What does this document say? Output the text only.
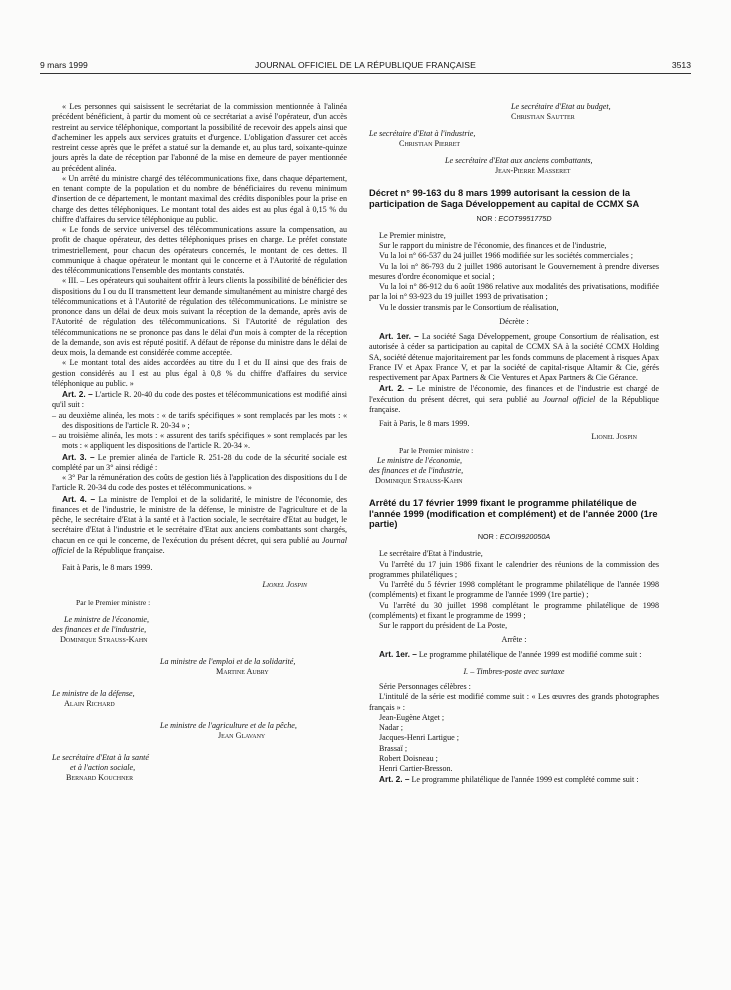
9 mars 1999	JOURNAL OFFICIEL DE LA RÉPUBLIQUE FRANÇAISE	3513

« Les personnes qui saisissent le secrétariat de la commission mentionnée à l'alinéa précédent bénéficient, à partir du moment où ce secrétariat a avisé l'opérateur, d'un accès restreint au service téléphonique, comportant la possibilité de recevoir des appels ainsi que d'acheminer les appels aux services gratuits et d'urgence. L'obligation d'assurer cet accès restreint cesse après que le préfet a statué sur la demande et, au plus tard, soixante-quinze jours après la date de réception par l'abonné de la mise en demeure de payer mentionnée au précédent alinéa.

« Un arrêté du ministre chargé des télécommunications fixe, dans chaque département, en tenant compte de la population et du nombre de bénéficiaires du revenu minimum d'insertion de ce département, le montant maximal des crédits disponibles pour la prise en charge des dettes téléphoniques. Le montant total des aides est au plus égal à 0,15 % du chiffre d'affaires du service téléphonique au public.

« Le fonds de service universel des télécommunications assure la compensation, au profit de chaque opérateur, des dettes téléphoniques prises en charge. Le préfet constate trimestriellement, pour chacun des opérateurs concernés, le montant de ces dettes. Il communique à chaque opérateur le montant qui le concerne et à l'Autorité de régulation des télécommunications l'ensemble des montants constatés.

« III. – Les opérateurs qui souhaitent offrir à leurs clients la possibilité de bénéficier des dispositions du I ou du II transmettent leur demande simultanément au ministre chargé des télécommunications et à l'Autorité de régulation des télécommunications. Le ministre se prononce dans un délai de deux mois suivant la réception de la demande, après avis de l'Autorité de régulation des télécommunications. Si l'Autorité de régulation des télécommunications ne se prononce pas dans le délai d'un mois à compter de la réception de la demande, son avis est réputé positif. A défaut de réponse du ministre dans le délai de deux mois, la demande est considérée comme acceptée.

« Le montant total des aides accordées au titre du I et du II ainsi que des frais de gestion considérés au I est au plus égal à 0,8 % du chiffre d'affaires du service téléphonique au public. »

Art. 2. – L'article R. 20-40 du code des postes et télécommunications est modifié ainsi qu'il suit :

– au deuxième alinéa, les mots : « de tarifs spécifiques » sont remplacés par les mots : « des dispositions de l'article R. 20-34 » ;

– au troisième alinéa, les mots : « assurent des tarifs spécifiques » sont remplacés par les mots : « appliquent les dispositions de l'article R. 20-34 ».

Art. 3. – Le premier alinéa de l'article R. 251-28 du code de la sécurité sociale est complété par un 3° ainsi rédigé :

« 3° Par la rémunération des coûts de gestion liés à l'application des dispositions du I de l'article R. 20-34 du code des postes et télécommunications. »

Art. 4. – La ministre de l'emploi et de la solidarité, le ministre de l'économie, des finances et de l'industrie, le ministre de la défense, le ministre de l'agriculture et de la pêche, le secrétaire d'Etat à la santé et à l'action sociale, le secrétaire d'Etat au budget, le secrétaire d'Etat à l'industrie et le secrétaire d'Etat aux anciens combattants sont chargés, chacun en ce qui le concerne, de l'exécution du présent décret, qui sera publié au Journal officiel de la République française.

Fait à Paris, le 8 mars 1999.

Lionel Jospin
Par le Premier ministre :
Le ministre de l'économie,
des finances et de l'industrie,
Dominique Strauss-Kahn
La ministre de l'emploi et de la solidarité,
Martine Aubry
Le ministre de la défense,
Alain Richard
Le ministre de l'agriculture et de la pêche,
Jean Glavany
Le secrétaire d'Etat à la santé
et à l'action sociale,
Bernard Kouchner
Le secrétaire d'Etat au budget,
Christian Sautter
Le secrétaire d'Etat à l'industrie,
Christian Pierret
Le secrétaire d'Etat aux anciens combattants,
Jean-Pierre Masseret

Décret n° 99-163 du 8 mars 1999 autorisant la cession de la participation de Saga Développement au capital de CCMX SA

NOR : ECOT9951775D

Le Premier ministre,

Sur le rapport du ministre de l'économie, des finances et de l'industrie,

Vu la loi n° 66-537 du 24 juillet 1966 modifiée sur les sociétés commerciales ;

Vu la loi n° 86-793 du 2 juillet 1986 autorisant le Gouvernement à prendre diverses mesures d'ordre économique et social ;

Vu la loi n° 86-912 du 6 août 1986 relative aux modalités des privatisations, modifiée par la loi n° 93-923 du 19 juillet 1993 de privatisation ;

Vu le dossier transmis par le Consortium de réalisation,

Décrète :

Art. 1er. – La société Saga Développement, groupe Consortium de réalisation, est autorisée à céder sa participation au capital de CCMX SA à la société CCMX Holding SA, société détenue majoritairement par les fonds communs de placement à risques Apax France IV et Apax France V, et par la société de capital-risque Altamir & Cie, gérés respectivement par Apax Partners & Cie Ventures et Apax Partners & Cie Gérance.

Art. 2. – Le ministre de l'économie, des finances et de l'industrie est chargé de l'exécution du présent décret, qui sera publié au Journal officiel de la République française.

Fait à Paris, le 8 mars 1999.

Lionel Jospin
Par le Premier ministre :
Le ministre de l'économie,
des finances et de l'industrie,
Dominique Strauss-Kahn

Arrêté du 17 février 1999 fixant le programme philatélique de l'année 1999 (modification et complément) et de l'année 2000 (1re partie)

NOR : ECOI9920050A

Le secrétaire d'Etat à l'industrie,

Vu l'arrêté du 17 juin 1986 fixant le calendrier des réunions de la commission des programmes philatéliques ;

Vu l'arrêté du 5 février 1998 complétant le programme philatélique de l'année 1998 (compléments) et fixant le programme de l'année 1999 (1re partie) ;

Vu l'arrêté du 30 juillet 1998 complétant le programme philatélique de 1998 (compléments) et fixant le programme de 1999 ;

Sur le rapport du président de La Poste,

Arrête :

Art. 1er. – Le programme philatélique de l'année 1999 est modifié comme suit :

I. – Timbres-poste avec surtaxe

Série Personnages célèbres :

L'intitulé de la série est modifié comme suit : « Les œuvres des grands photographes français » :

Jean-Eugène Atget ;
Nadar ;
Jacques-Henri Lartigue ;
Brassaï ;
Robert Doisneau ;
Henri Cartier-Bresson.

Art. 2. – Le programme philatélique de l'année 1999 est complété comme suit :
